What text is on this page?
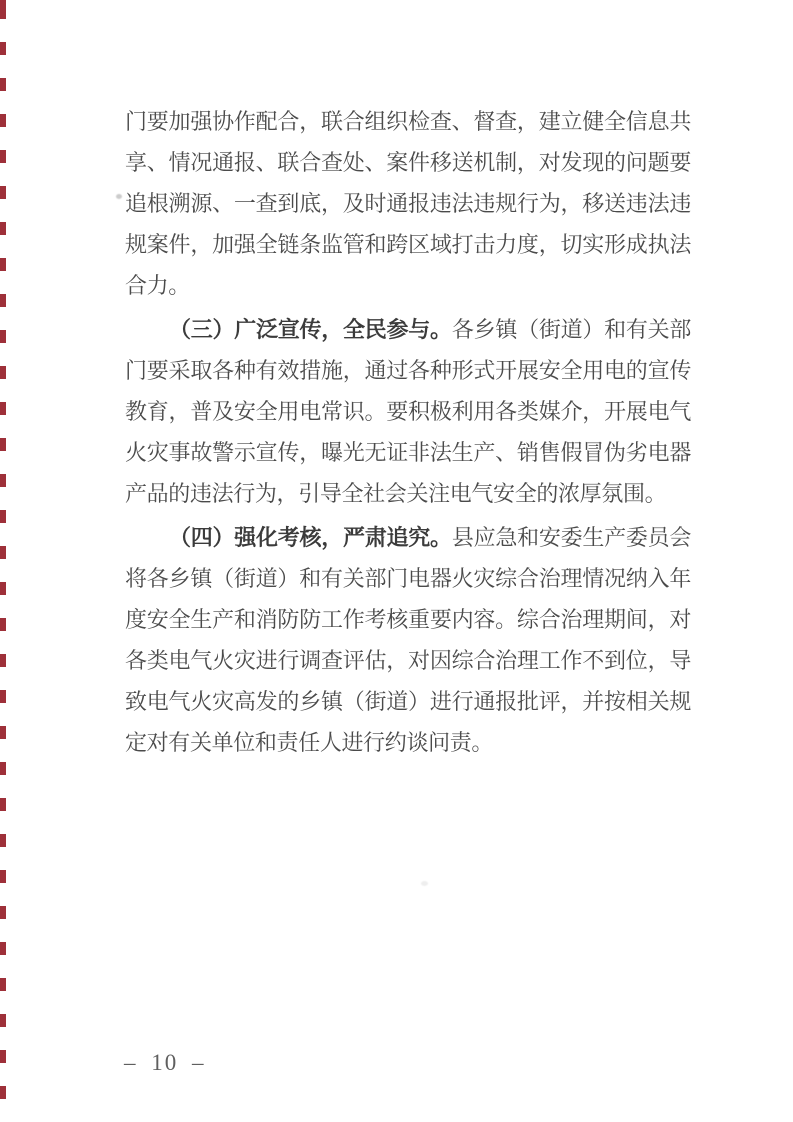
门要加强协作配合，联合组织检查、督查，建立健全信息共享、情况通报、联合查处、案件移送机制，对发现的问题要追根溯源、一查到底，及时通报违法违规行为，移送违法违规案件，加强全链条监管和跨区域打击力度，切实形成执法合力。

（三）广泛宣传，全民参与。各乡镇（街道）和有关部门要采取各种有效措施，通过各种形式开展安全用电的宣传教育，普及安全用电常识。要积极利用各类媒介，开展电气火灾事故警示宣传，曝光无证非法生产、销售假冒伪劣电器产品的违法行为，引导全社会关注电气安全的浓厚氛围。

（四）强化考核，严肃追究。县应急和安委生产委员会将各乡镇（街道）和有关部门电器火灾综合治理情况纳入年度安全生产和消防防工作考核重要内容。综合治理期间，对各类电气火灾进行调查评估，对因综合治理工作不到位，导致电气火灾高发的乡镇（街道）进行通报批评，并按相关规定对有关单位和责任人进行约谈问责。

– 10 –
